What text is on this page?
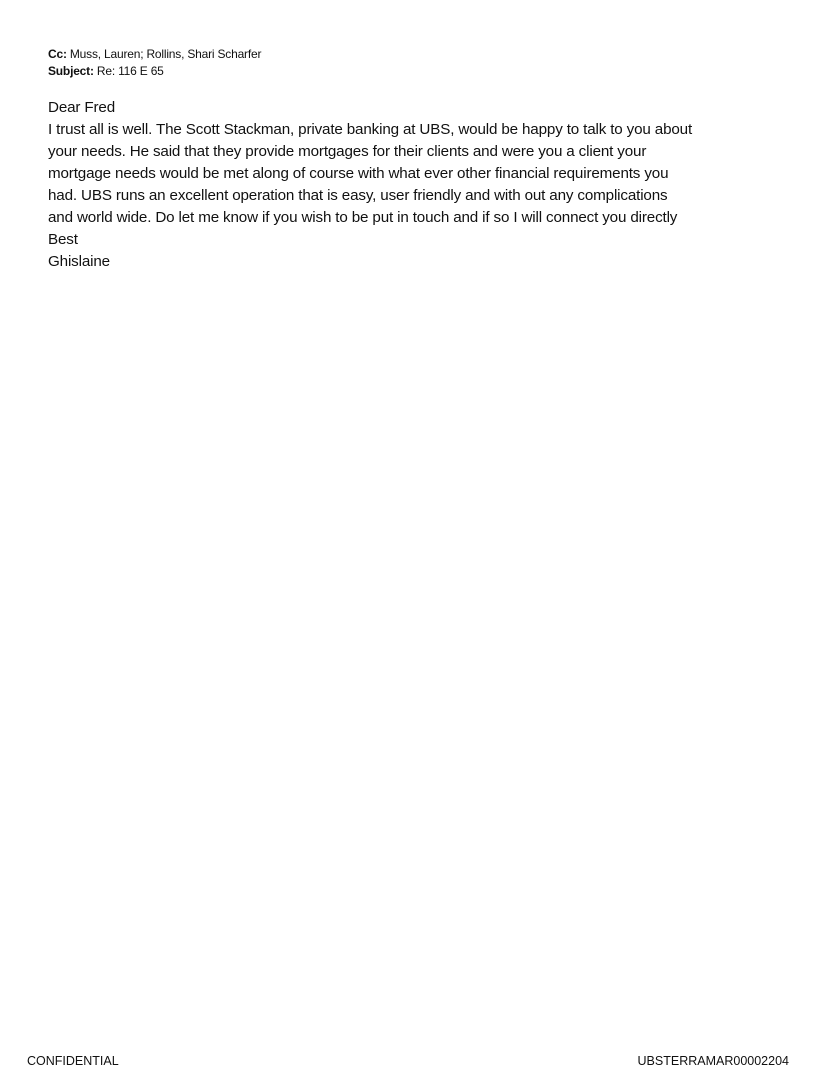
Cc: Muss, Lauren; Rollins, Shari Scharfer
Subject: Re: 116 E 65
Dear Fred
I trust all is well. The Scott Stackman, private banking at UBS, would be happy to talk to you about
your needs. He said that they provide mortgages for their clients and were you a client your
mortgage needs would be met along of course with what ever other financial requirements you
had. UBS runs an excellent operation that is easy, user friendly and with out any complications
and world wide. Do let me know if you wish to be put in touch and if so I will connect you directly
Best
Ghislaine
CONFIDENTIAL	UBSTERRAMAR00002204
